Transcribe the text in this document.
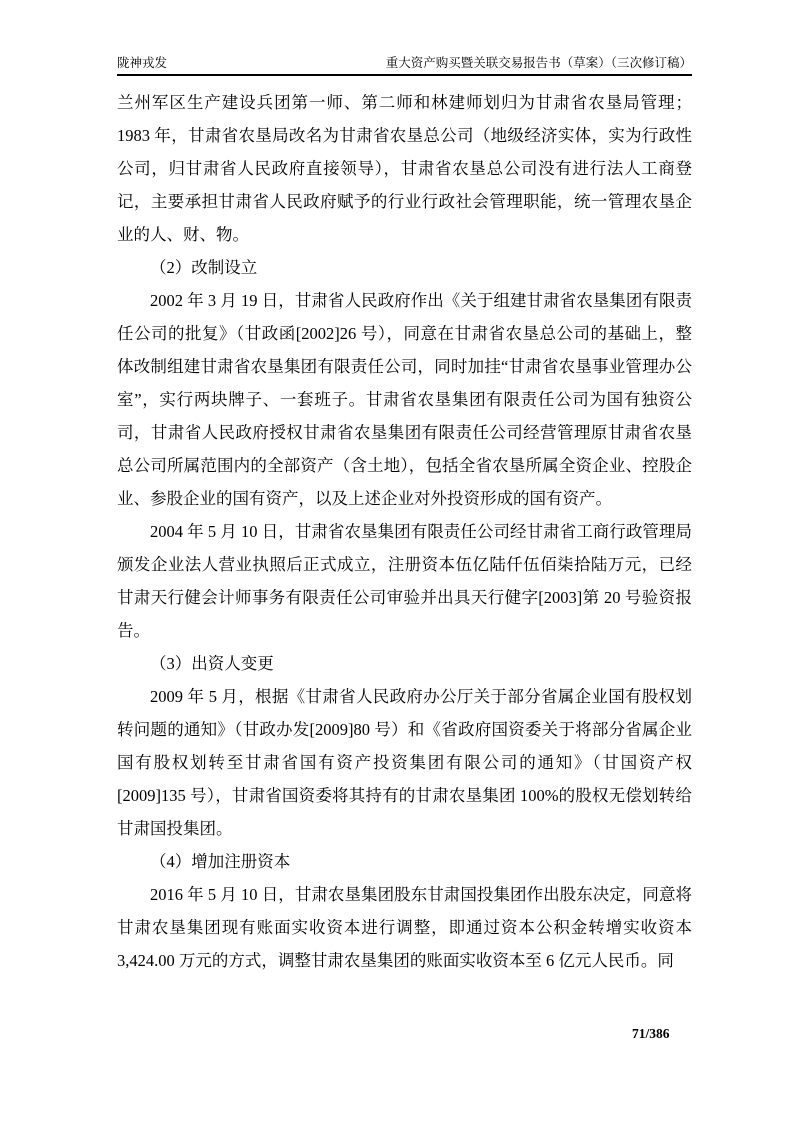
陇神戎发	重大资产购买暨关联交易报告书（草案）（三次修订稿）

兰州军区生产建设兵团第一师、第二师和林建师划归为甘肃省农垦局管理；1983 年，甘肃省农垦局改名为甘肃省农垦总公司（地级经济实体，实为行政性公司，归甘肃省人民政府直接领导），甘肃省农垦总公司没有进行法人工商登记，主要承担甘肃省人民政府赋予的行业行政社会管理职能，统一管理农垦企业的人、财、物。

（2）改制设立

2002 年 3 月 19 日，甘肃省人民政府作出《关于组建甘肃省农垦集团有限责任公司的批复》（甘政函[2002]26 号），同意在甘肃省农垦总公司的基础上，整体改制组建甘肃省农垦集团有限责任公司，同时加挂“甘肃省农垦事业管理办公室”，实行两块牌子、一套班子。甘肃省农垦集团有限责任公司为国有独资公司，甘肃省人民政府授权甘肃省农垦集团有限责任公司经营管理原甘肃省农垦总公司所属范围内的全部资产（含土地），包括全省农垦所属全资企业、控股企业、参股企业的国有资产，以及上述企业对外投资形成的国有资产。

2004 年 5 月 10 日，甘肃省农垦集团有限责任公司经甘肃省工商行政管理局颁发企业法人营业执照后正式成立，注册资本伍亿陆仟伍佰柒拾陆万元，已经甘肃天行健会计师事务有限责任公司审验并出具天行健字[2003]第 20 号验资报告。

（3）出资人变更

2009 年 5 月，根据《甘肃省人民政府办公厅关于部分省属企业国有股权划转问题的通知》（甘政办发[2009]80 号）和《省政府国资委关于将部分省属企业国有股权划转至甘肃省国有资产投资集团有限公司的通知》（甘国资产权[2009]135 号），甘肃省国资委将其持有的甘肃农垦集团 100%的股权无偿划转给甘肃国投集团。

（4）增加注册资本

2016 年 5 月 10 日，甘肃农垦集团股东甘肃国投集团作出股东决定，同意将甘肃农垦集团现有账面实收资本进行调整，即通过资本公积金转增实收资本3,424.00 万元的方式，调整甘肃农垦集团的账面实收资本至 6 亿元人民币。同

71/386
